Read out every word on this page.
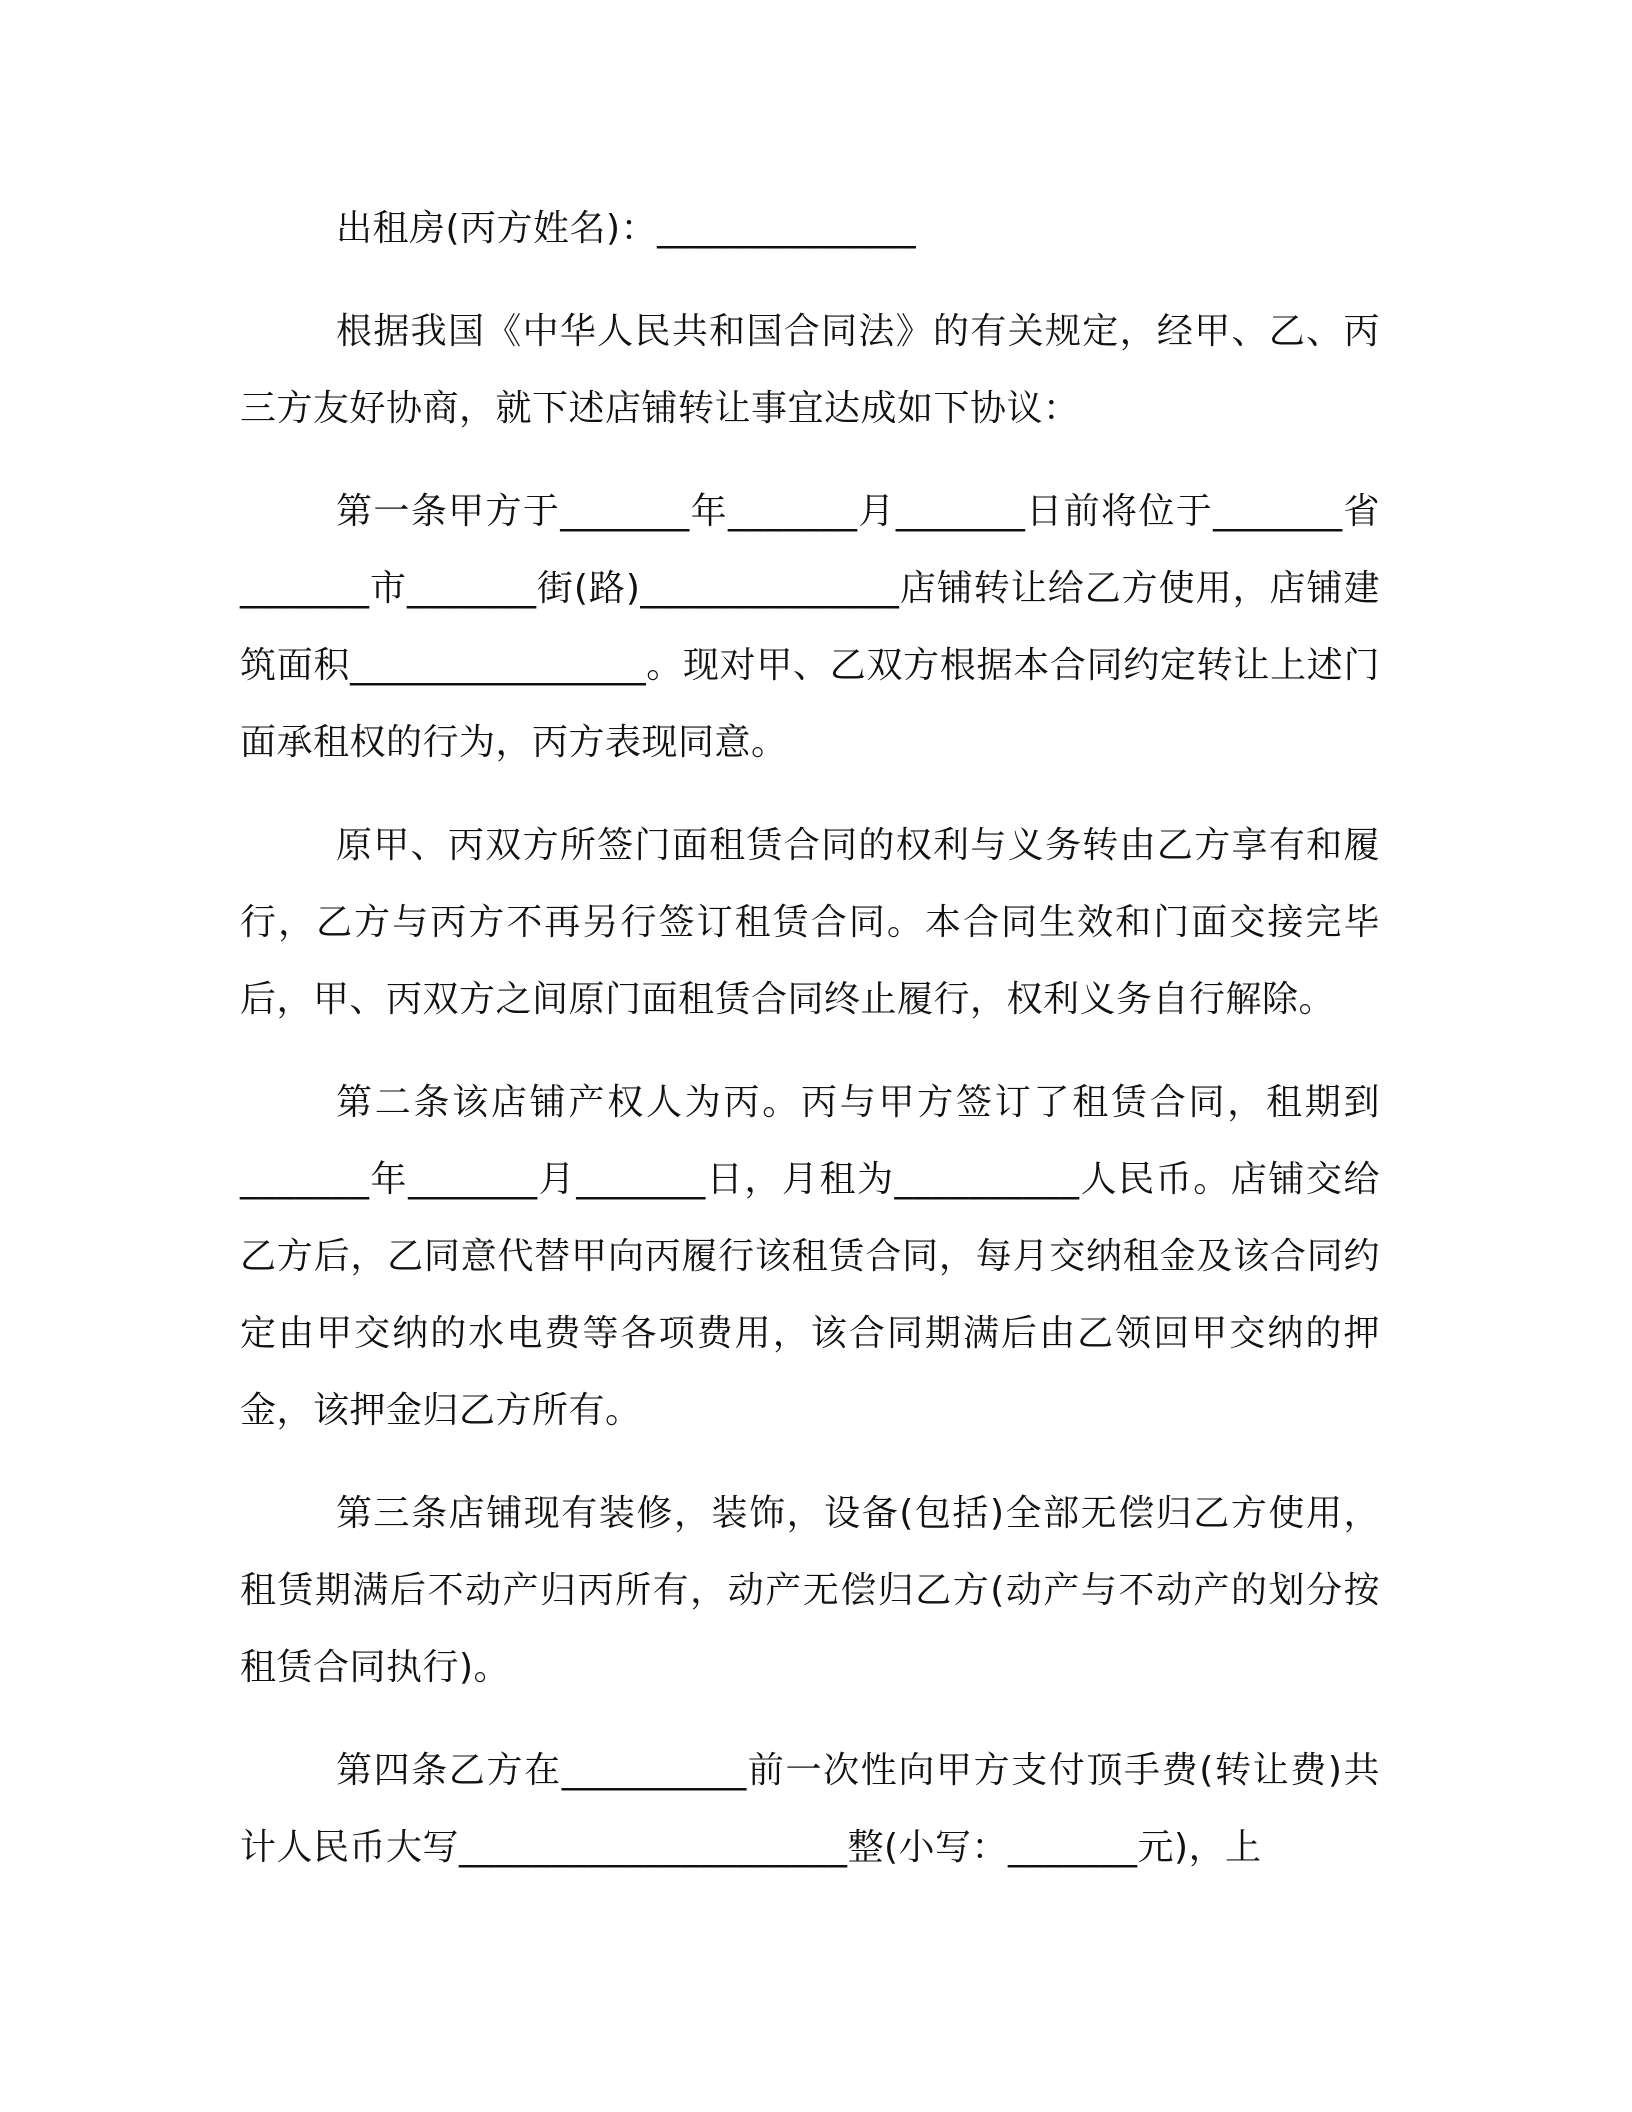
出租房(丙方姓名)：______________

根据我国《中华人民共和国合同法》的有关规定，经甲、乙、丙三方友好协商，就下述店铺转让事宜达成如下协议：

第一条甲方于_______年_______月_______日前将位于_______省_______市_______街(路)______________店铺转让给乙方使用，店铺建筑面积________________。现对甲、乙双方根据本合同约定转让上述门面承租权的行为，丙方表现同意。

原甲、丙双方所签门面租赁合同的权利与义务转由乙方享有和履行，乙方与丙方不再另行签订租赁合同。本合同生效和门面交接完毕后，甲、丙双方之间原门面租赁合同终止履行，权利义务自行解除。

第二条该店铺产权人为丙。丙与甲方签订了租赁合同，租期到_______年_______月_______日，月租为__________人民币。店铺交给乙方后，乙同意代替甲向丙履行该租赁合同，每月交纳租金及该合同约定由甲交纳的水电费等各项费用，该合同期满后由乙领回甲交纳的押金，该押金归乙方所有。

第三条店铺现有装修，装饰，设备(包括)全部无偿归乙方使用，租赁期满后不动产归丙所有，动产无偿归乙方(动产与不动产的划分按租赁合同执行)。

第四条乙方在__________前一次性向甲方支付顶手费(转让费)共计人民币大写_____________________整(小写：_______元)，上
